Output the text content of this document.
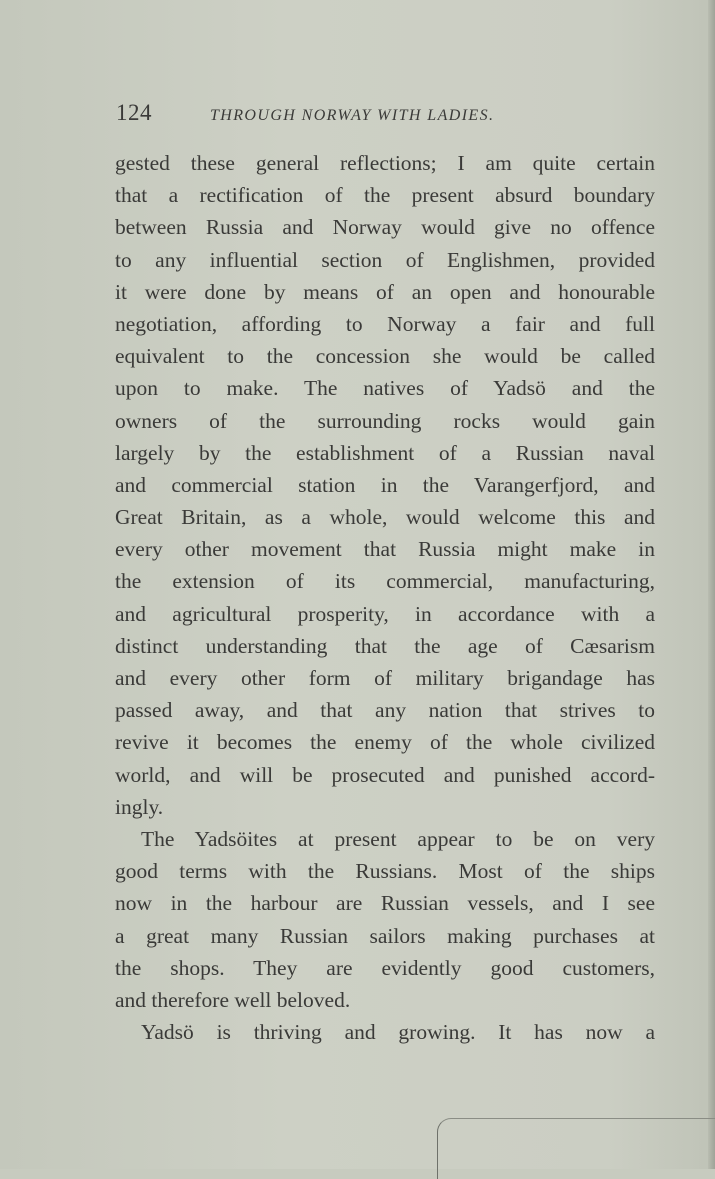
124	THROUGH NORWAY WITH LADIES.
gested these general reflections; I am quite certain
that a rectification of the present absurd boundary
between Russia and Norway would give no offence
to any influential section of Englishmen, provided
it were done by means of an open and honourable
negotiation, affording to Norway a fair and full
equivalent to the concession she would be called
upon to make. The natives of Yadsö and the
owners of the surrounding rocks would gain
largely by the establishment of a Russian naval
and commercial station in the Varangerfjord, and
Great Britain, as a whole, would welcome this and
every other movement that Russia might make in
the extension of its commercial, manufacturing,
and agricultural prosperity, in accordance with a
distinct understanding that the age of Cæsarism
and every other form of military brigandage has
passed away, and that any nation that strives to
revive it becomes the enemy of the whole civilized
world, and will be prosecuted and punished accord-
ingly.
The Yadsöites at present appear to be on very
good terms with the Russians. Most of the ships
now in the harbour are Russian vessels, and I see
a great many Russian sailors making purchases at
the shops. They are evidently good customers,
and therefore well beloved.
Yadsö is thriving and growing. It has now a
